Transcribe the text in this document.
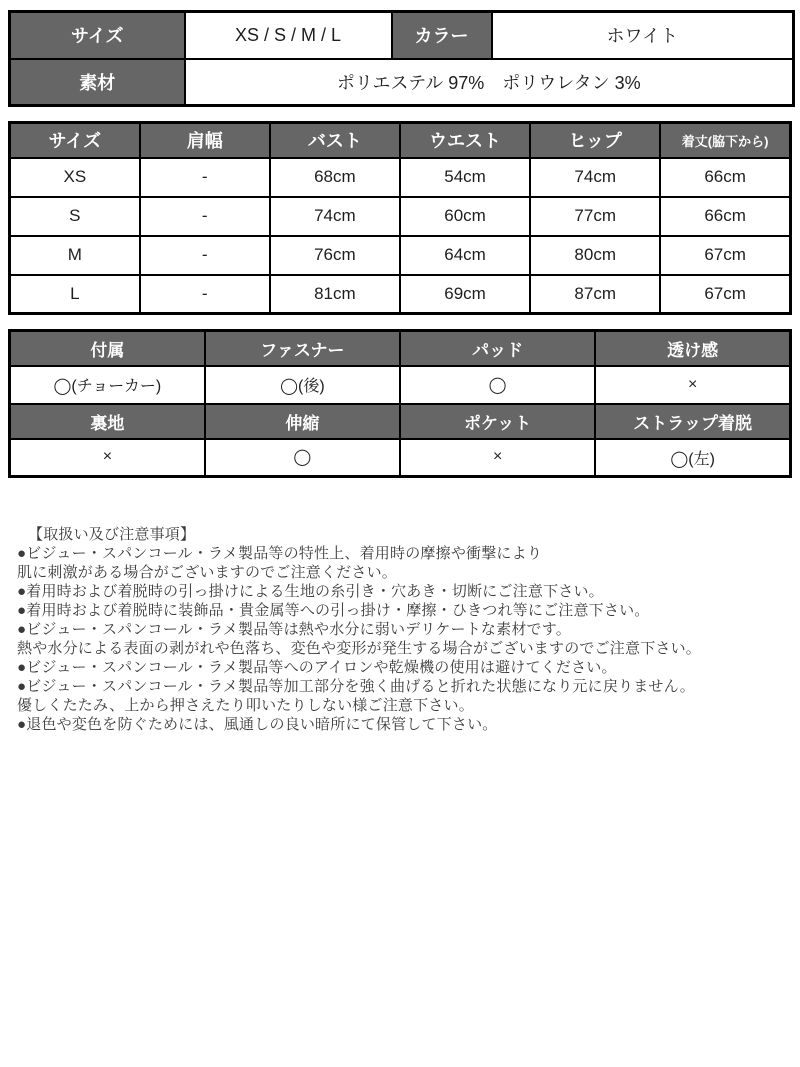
サイズ	XS / S / M / L	カラー	ホワイト
素材	ポリエステル 97%　ポリウレタン 3%		
サイズ	肩幅	バスト	ウエスト	ヒップ	着丈(脇下から)
XS	-	68cm	54cm	74cm	66cm
S	-	74cm	60cm	77cm	66cm
M	-	76cm	64cm	80cm	67cm
L	-	81cm	69cm	87cm	67cm
付属	ファスナー	パッド	透け感
◯(チョーカー)	◯(後)	◯	×
裏地	伸縮	ポケット	ストラップ着脱
×	◯	×	◯(左)
【取扱い及び注意事項】
●ビジュー・スパンコール・ラメ製品等の特性上、着用時の摩擦や衝撃により
肌に刺激がある場合がございますのでご注意ください。
●着用時および着脱時の引っ掛けによる生地の糸引き・穴あき・切断にご注意下さい。
●着用時および着脱時に装飾品・貴金属等への引っ掛け・摩擦・ひきつれ等にご注意下さい。
●ビジュー・スパンコール・ラメ製品等は熱や水分に弱いデリケートな素材です。
熱や水分による表面の剥がれや色落ち、変色や変形が発生する場合がございますのでご注意下さい。
●ビジュー・スパンコール・ラメ製品等へのアイロンや乾燥機の使用は避けてください。
●ビジュー・スパンコール・ラメ製品等加工部分を強く曲げると折れた状態になり元に戻りません。
優しくたたみ、上から押さえたり叩いたりしない様ご注意下さい。
●退色や変色を防ぐためには、風通しの良い暗所にて保管して下さい。
